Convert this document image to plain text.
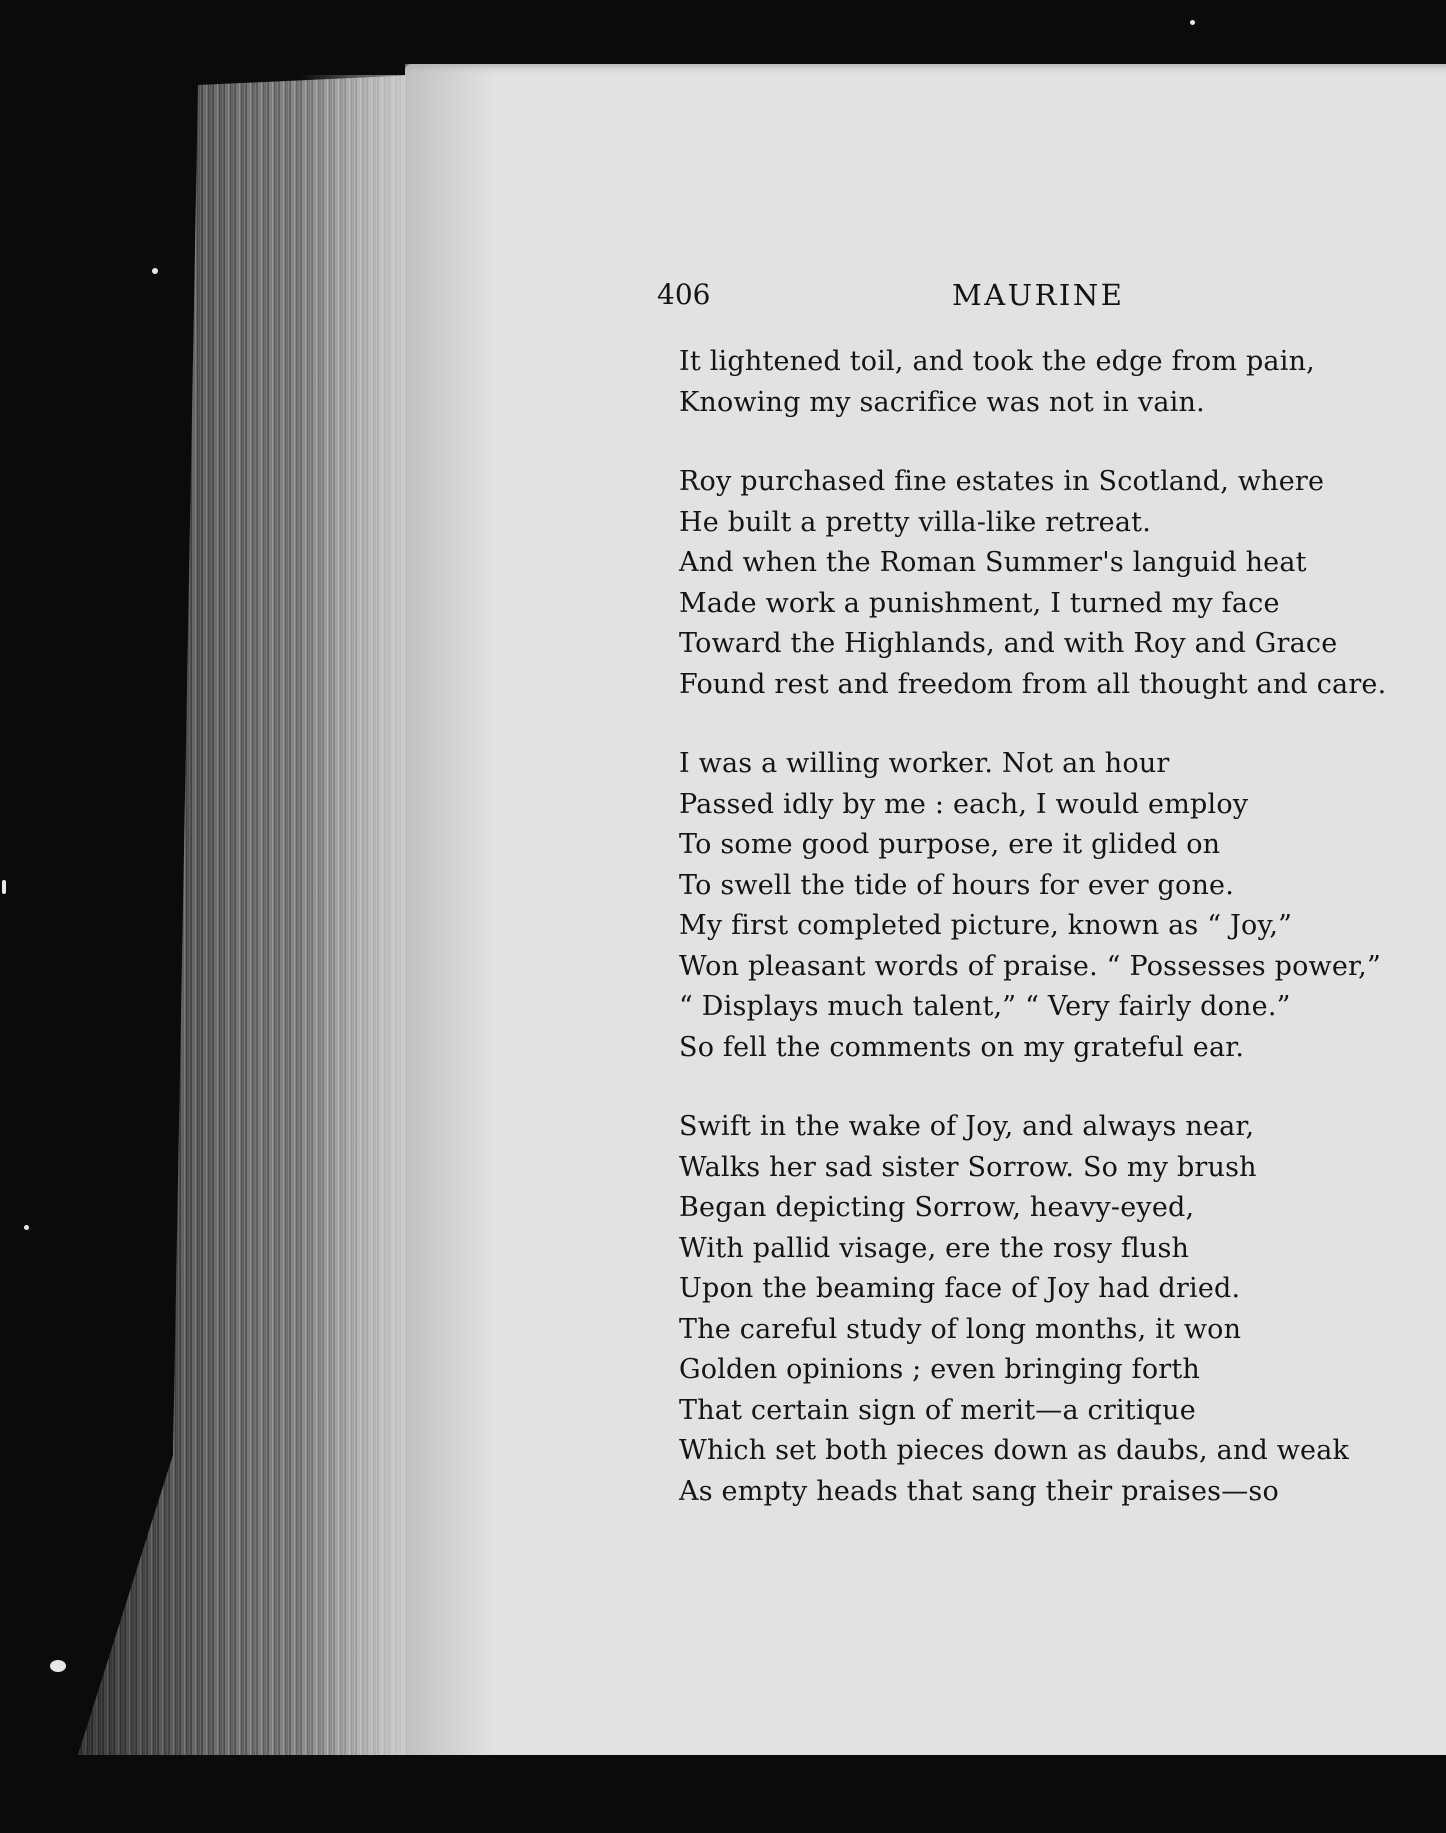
406	MAURINE
It lightened toil, and took the edge from pain,
Knowing my sacrifice was not in vain.
Roy purchased fine estates in Scotland, where
He built a pretty villa-like retreat.
And when the Roman Summer's languid heat
Made work a punishment, I turned my face
Toward the Highlands, and with Roy and Grace
Found rest and freedom from all thought and care.
I was a willing worker. Not an hour
Passed idly by me : each, I would employ
To some good purpose, ere it glided on
To swell the tide of hours for ever gone.
My first completed picture, known as “ Joy,”
Won pleasant words of praise. “ Possesses power,”
“ Displays much talent,” “ Very fairly done.”
So fell the comments on my grateful ear.
Swift in the wake of Joy, and always near,
Walks her sad sister Sorrow. So my brush
Began depicting Sorrow, heavy-eyed,
With pallid visage, ere the rosy flush
Upon the beaming face of Joy had dried.
The careful study of long months, it won
Golden opinions ; even bringing forth
That certain sign of merit—a critique
Which set both pieces down as daubs, and weak
As empty heads that sang their praises—so
